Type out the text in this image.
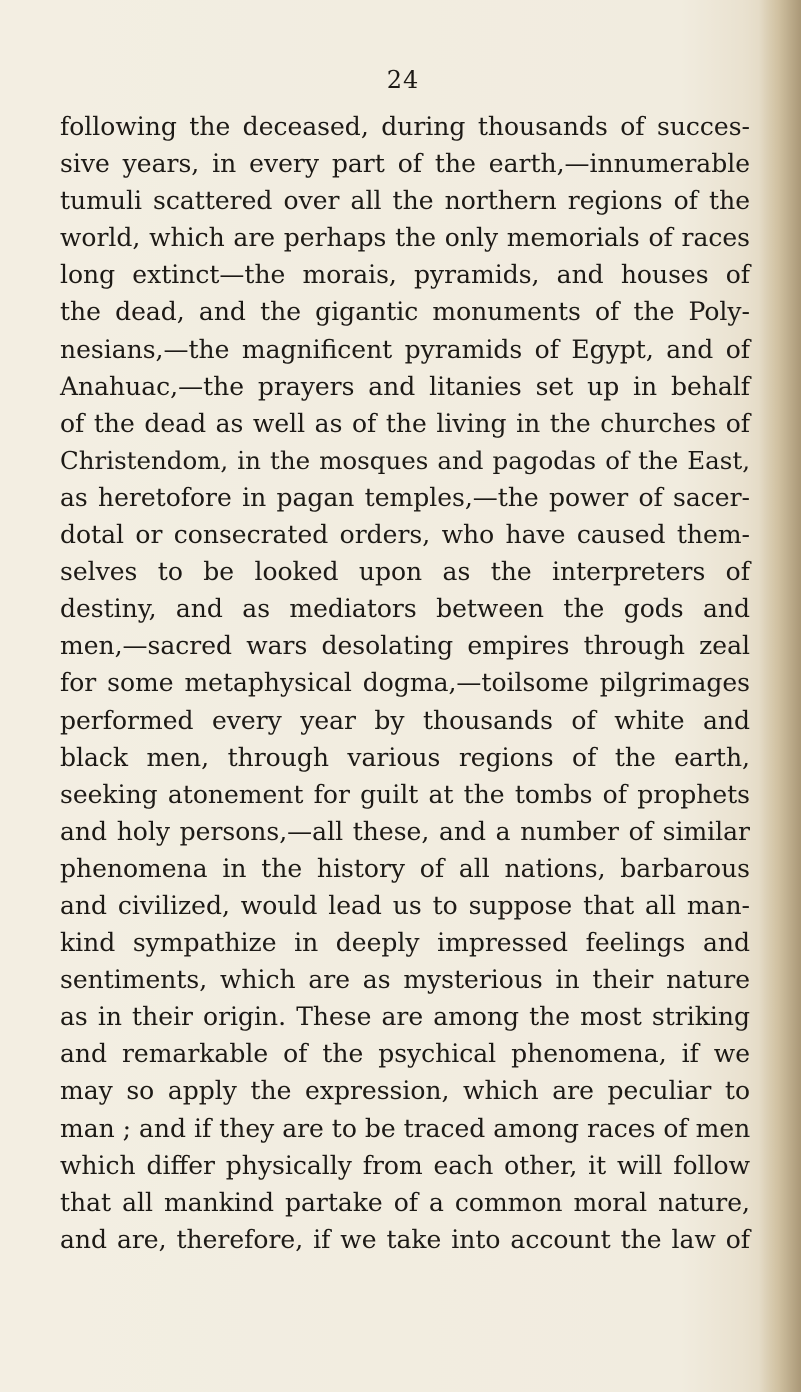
24
following the deceased, during thousands of succes-
sive years, in every part of the earth,—innumerable
tumuli scattered over all the northern regions of the
world, which are perhaps the only memorials of races
long extinct—the morais, pyramids, and houses of
the dead, and the gigantic monuments of the Poly-
nesians,—the magnificent pyramids of Egypt, and of
Anahuac,—the prayers and litanies set up in behalf
of the dead as well as of the living in the churches of
Christendom, in the mosques and pagodas of the East,
as heretofore in pagan temples,—the power of sacer-
dotal or consecrated orders, who have caused them-
selves to be looked upon as the interpreters of
destiny, and as mediators between the gods and
men,—sacred wars desolating empires through zeal
for some metaphysical dogma,—toilsome pilgrimages
performed every year by thousands of white and
black men, through various regions of the earth,
seeking atonement for guilt at the tombs of prophets
and holy persons,—all these, and a number of similar
phenomena in the history of all nations, barbarous
and civilized, would lead us to suppose that all man-
kind sympathize in deeply impressed feelings and
sentiments, which are as mysterious in their nature
as in their origin. These are among the most striking
and remarkable of the psychical phenomena, if we
may so apply the expression, which are peculiar to
man ; and if they are to be traced among races of men
which differ physically from each other, it will follow
that all mankind partake of a common moral nature,
and are, therefore, if we take into account the law of
